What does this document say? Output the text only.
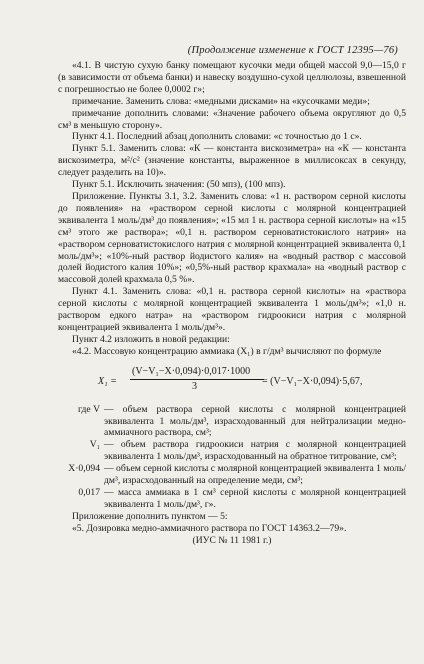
(Продолжение изменение к ГОСТ 12395—76)

«4.1. В чистую сухую банку помещают кусочки меди общей массой 9,0—15,0 г (в зависимости от объема банки) и навеску воздушно-сухой целлюлозы, взвешенной с погрешностью не более 0,0002 г»;

примечание. Заменить слова: «медными дисками» на «кусочками меди»;

примечание дополнить словами: «Значение рабочего объема округляют до 0,5 см³ в меньшую сторону».

Пункт 4.1. Последний абзац дополнить словами: «с точностью до 1 с».

Пункт 5.1. Заменить слова: «К — константа вискозиметра» на «К — константа вискозиметра, м²/с² (значение константы, выраженное в миллисоксах в секунду, следует разделить на 10)».

Пункт 5.1. Исключить значения: (50 мпз), (100 мпз).

Приложение. Пункты 3.1, 3.2. Заменить слова: «1 н. раствором серной кислоты до появления» на «раствором серной кислоты с молярной концентрацией эквивалента 1 моль/дм³ до появления»; «15 мл 1 н. раствора серной кислоты» на «15 см³ этого же раствора»; «0,1 н. раствором серноватистокислого натрия» на «раствором серноватистокислого натрия с молярной концентрацией эквивалента 0,1 моль/дм³»; «10%-ный раствор йодистого калия» на «водный раствор с массовой долей йодистого калия 10%»; «0,5%-ный раствор крахмала» на «водный раствор с массовой долей крахмала 0,5 %».

Пункт 4.1. Заменить слова: «0,1 н. раствора серной кислоты» на «раствора серной кислоты с молярной концентрацией эквивалента 1 моль/дм³»; «1,0 н. раствором едкого натра» на «раствором гидроокиси натрия с молярной концентрацией эквивалента 1 моль/дм³».

Пункт 4.2 изложить в новой редакции:

«4.2. Массовую концентрацию аммиака (X₁) в г/дм³ вычисляют по формуле

X₁ =
(V−V₁−X·0,094)·0,017·1000
3	= (V−V₁−X·0,094)·5,67,
где V — объем раствора серной кислоты с молярной концентрацией эквивалента 1 моль/дм³, израсходованный для нейтрализации медно-аммиачного раствора, см³;
V₁ — объем раствора гидроокиси натрия с молярной концентрацией эквивалента 1 моль/дм³, израсходованный на обратное титрование, см³;
X·0,094 — объем серной кислоты с молярной концентрацией эквивалента 1 моль/дм³, израсходованный на определение меди, см³;
0,017 — масса аммиака в 1 см³ серной кислоты с молярной концентрацией эквивалента 1 моль/дм³, г».

Приложение дополнить пунктом — 5:

«5. Дозировка медно-аммиачного раствора по ГОСТ 14363.2—79».

(ИУС № 11 1981 г.)
